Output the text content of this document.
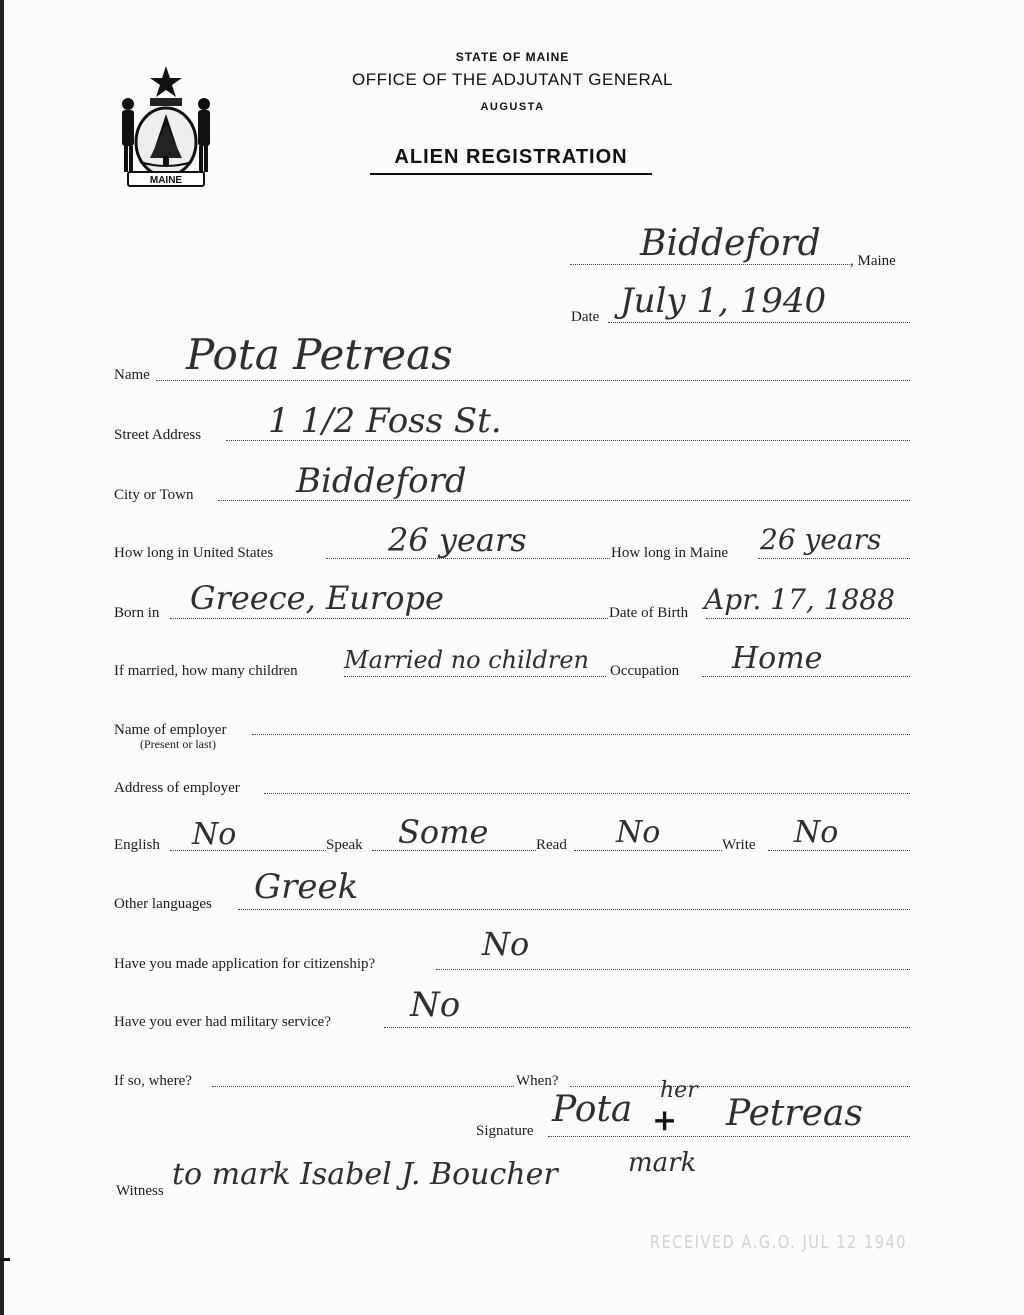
MAINE
STATE OF MAINE
OFFICE OF THE ADJUTANT GENERAL
AUGUSTA
ALIEN REGISTRATION
Biddeford , Maine
Date July 1, 1940
Name Pota Petreas
Street Address 1 1/2 Foss St.
City or Town	Biddeford
How long in United States	26 years	How long in Maine 26 years
Born in Greece, Europe	Date of Birth Apr. 17, 1888
If married, how many children Married no children Occupation Home
Name of employer
(Present or last)
Address of employer
English No	Speak Some	Read No	Write No
Other languages Greek
Have you made application for citizenship?
No
Have you ever had military service? No
If so, where?	When?
Signature
Pota +
her
Petreas
mark
Witness to mark Isabel J. Boucher
RECEIVED A.G.O. JUL 12 1940
